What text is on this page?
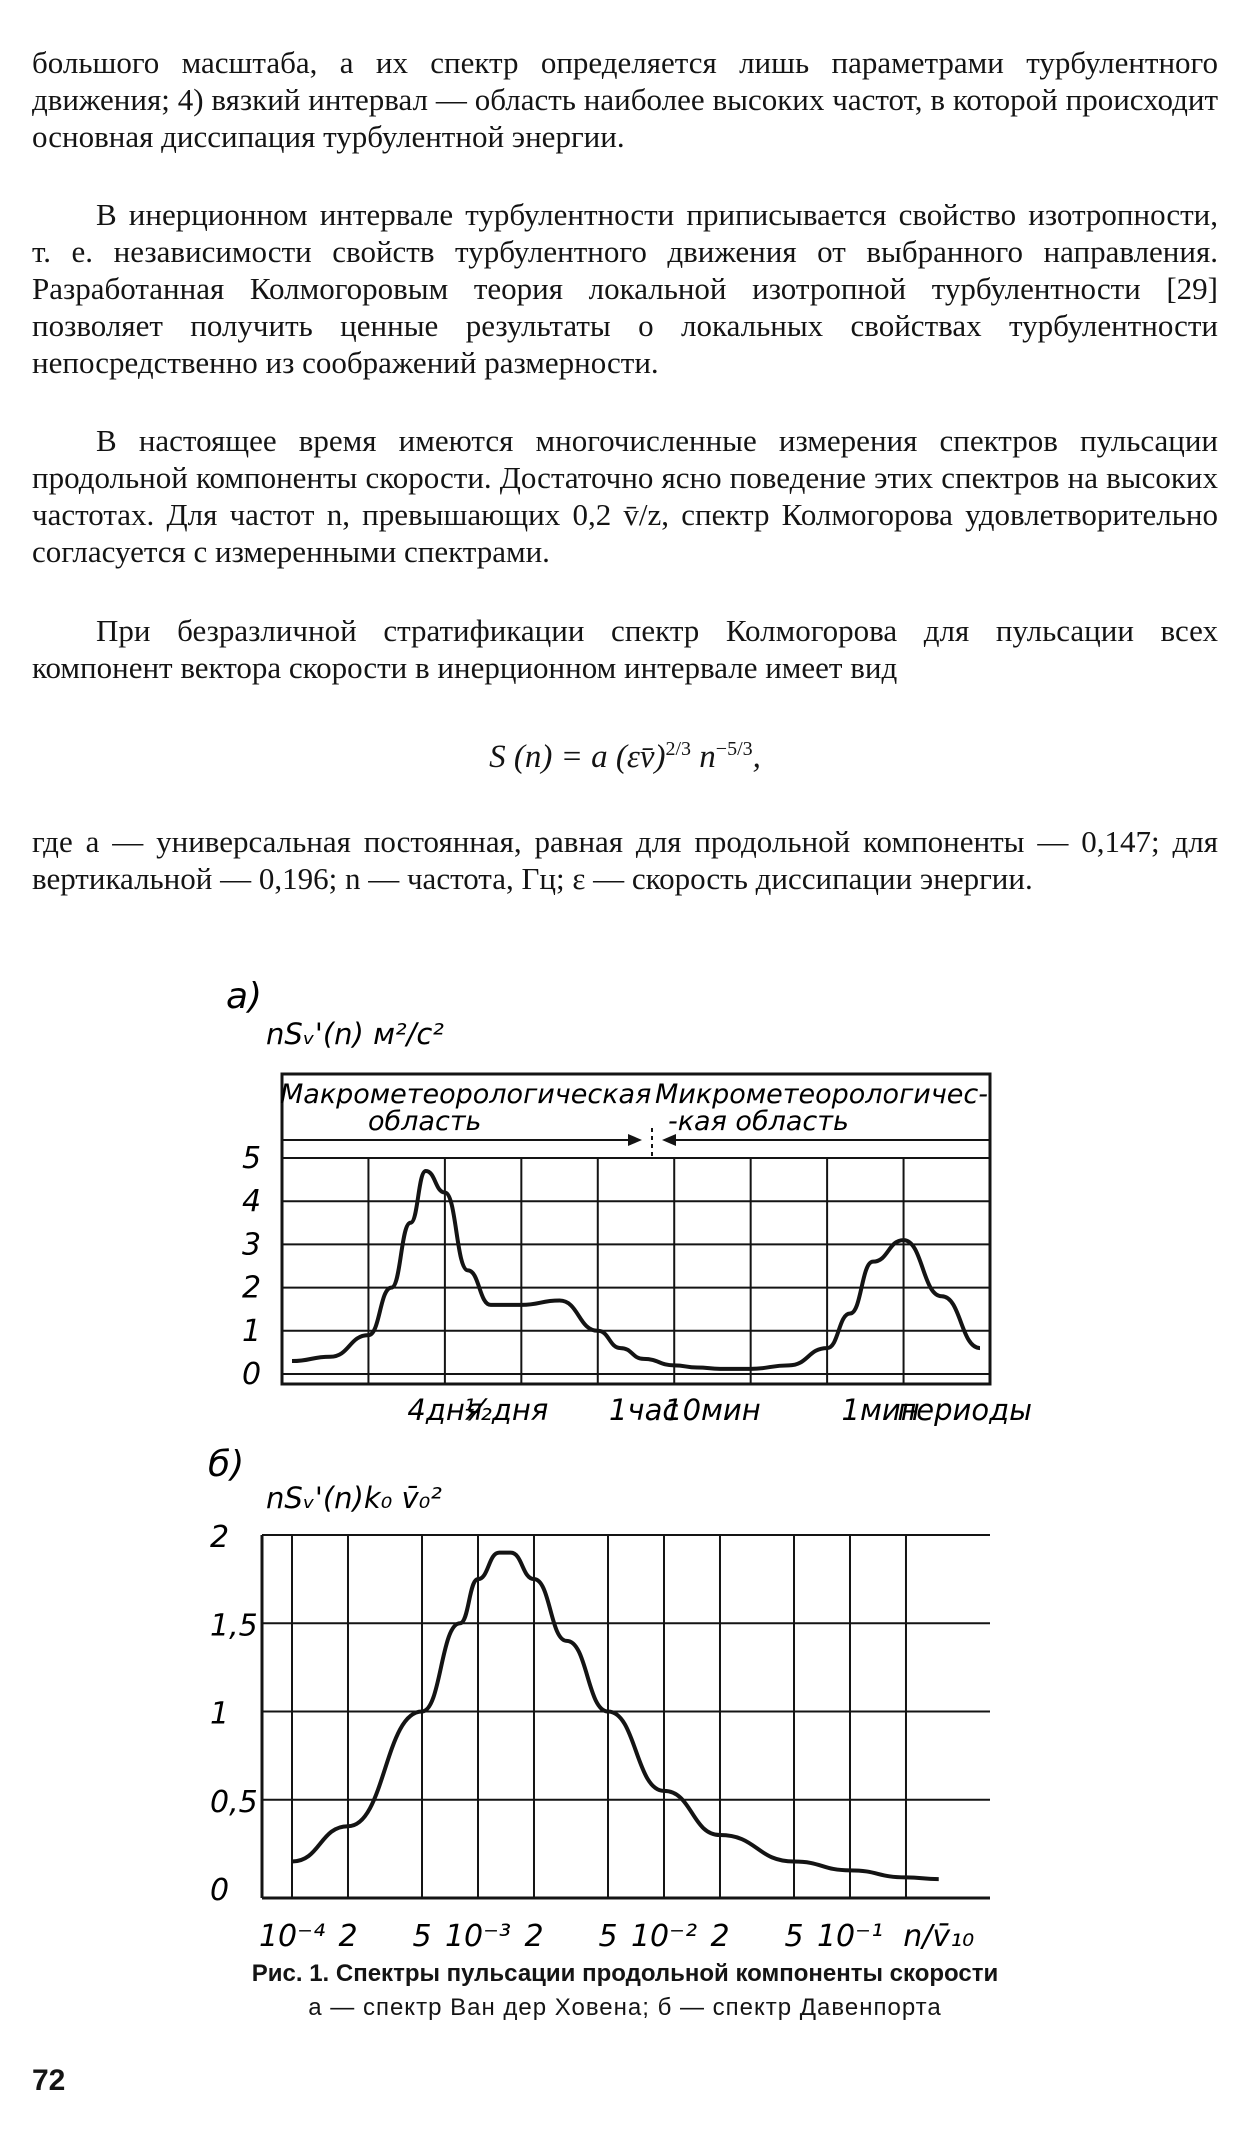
большого масштаба, а их спектр определяется лишь параметрами турбулентного движения; 4) вязкий интервал — область наиболее высоких частот, в которой происходит основная диссипация турбулентной энергии.

В инерционном интервале турбулентности приписывается свойство изотропности, т. е. независимости свойств турбулентного движения от выбранного направления. Разработанная Колмогоровым теория локальной изотропной турбулентности [29] позволяет получить ценные результаты о локальных свойствах турбулентности непосредственно из соображений размерности.

В настоящее время имеются многочисленные измерения спектров пульсации продольной компоненты скорости. Достаточно ясно поведение этих спектров на высоких частотах. Для частот n, превышающих 0,2 v̄/z, спектр Колмогорова удовлетворительно согласуется с измеренными спектрами.

При безразличной стратификации спектр Колмогорова для пульсации всех компонент вектора скорости в инерционном интервале имеет вид

S (n) = a (εv̄)$^{2/3}$ $n^{-5/3}$,

где a — универсальная постоянная, равная для продольной компоненты — 0,147; для вертикальной — 0,196; n — частота, Гц; ε — скорость диссипации энергии.

а)
nSᵥ'(n) м²/с²
Макрометеорологическая
область
Микрометеорологичес-
-кая область
0
1
2
3
4
5
4дня
½дня 1час
10мин	1мин
периоды
б)
nSᵥ'(n)k₀ v̄₀²
0
0,5
1
1,5
2
10⁻⁴ 2 5 10⁻³ 2 5 10⁻² 2 5 10⁻¹ n/v̄₁₀
Рис. 1. Спектры пульсации продольной компоненты скорости
а — спектр Ван дер Ховена; б — спектр Давенпорта
72
